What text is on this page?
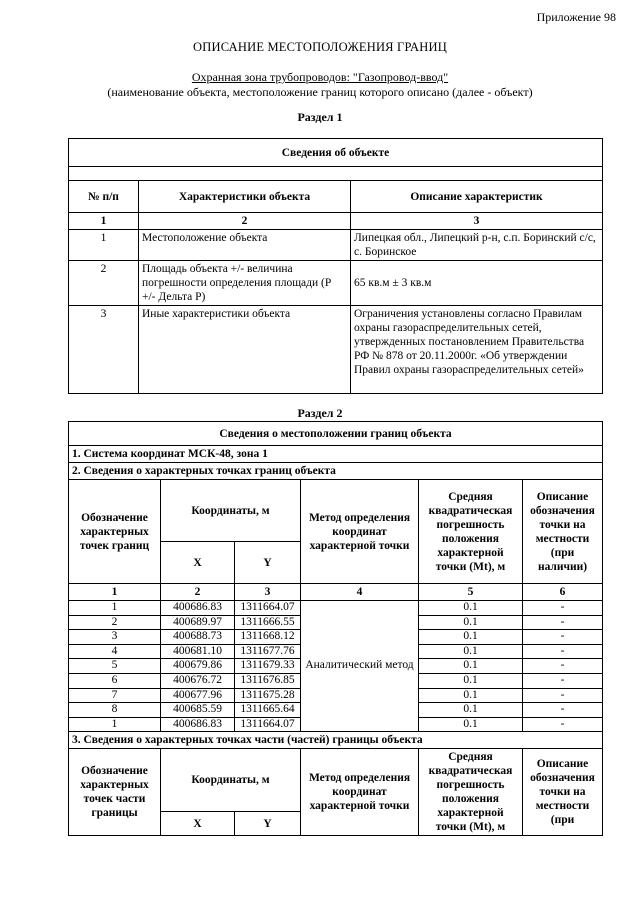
Приложение 98
ОПИСАНИЕ МЕСТОПОЛОЖЕНИЯ ГРАНИЦ
Охранная зона трубопроводов: "Газопровод-ввод"
(наименование объекта, местоположение границ которого описано (далее - объект)
Раздел 1
Сведения об объекте		

№ п/п	Характеристики объекта	Описание характеристик
1	2	3
1	Местоположение объекта	Липецкая обл., Липецкий р-н, с.п. Боринский с/с, с. Боринское
2	Площадь объекта +/- величина погрешности определения площади (Р +/- Дельта Р)	65 кв.м ± 3 кв.м
3	Иные характеристики объекта	Ограничения установлены согласно Правилам охраны газораспределительных сетей, утвержденных постановлением Правительства РФ № 878 от 20.11.2000г. «Об утверждении Правил охраны газораспределительных сетей»
Раздел 2
Сведения о местоположении границ объекта					
1. Система координат МСК-48, зона 1					
2. Сведения о характерных точках границ объекта					
Обозначение характерных точек границ	Координаты, м		Метод определения координат характерной точки	Средняя квадратическая погрешность положения характерной точки (Mt), м	Описание обозначения точки на местности (при наличии)
	X	Y			
1	2	3	4	5	6
1	400686.83	1311664.07	Аналитический метод	0.1	-
2	400689.97	1311666.55		0.1	-
3	400688.73	1311668.12		0.1	-
4	400681.10	1311677.76		0.1	-
5	400679.86	1311679.33		0.1	-
6	400676.72	1311676.85		0.1	-
7	400677.96	1311675.28		0.1	-
8	400685.59	1311665.64		0.1	-
1	400686.83	1311664.07		0.1	-
3. Сведения о характерных точках части (частей) границы объекта					
Обозначение характерных точек части границы	Координаты, м		Метод определения координат характерной точки	Средняя квадратическая погрешность положения характерной точки (Mt), м	Описание обозначения точки на местности (при
	X	Y			
